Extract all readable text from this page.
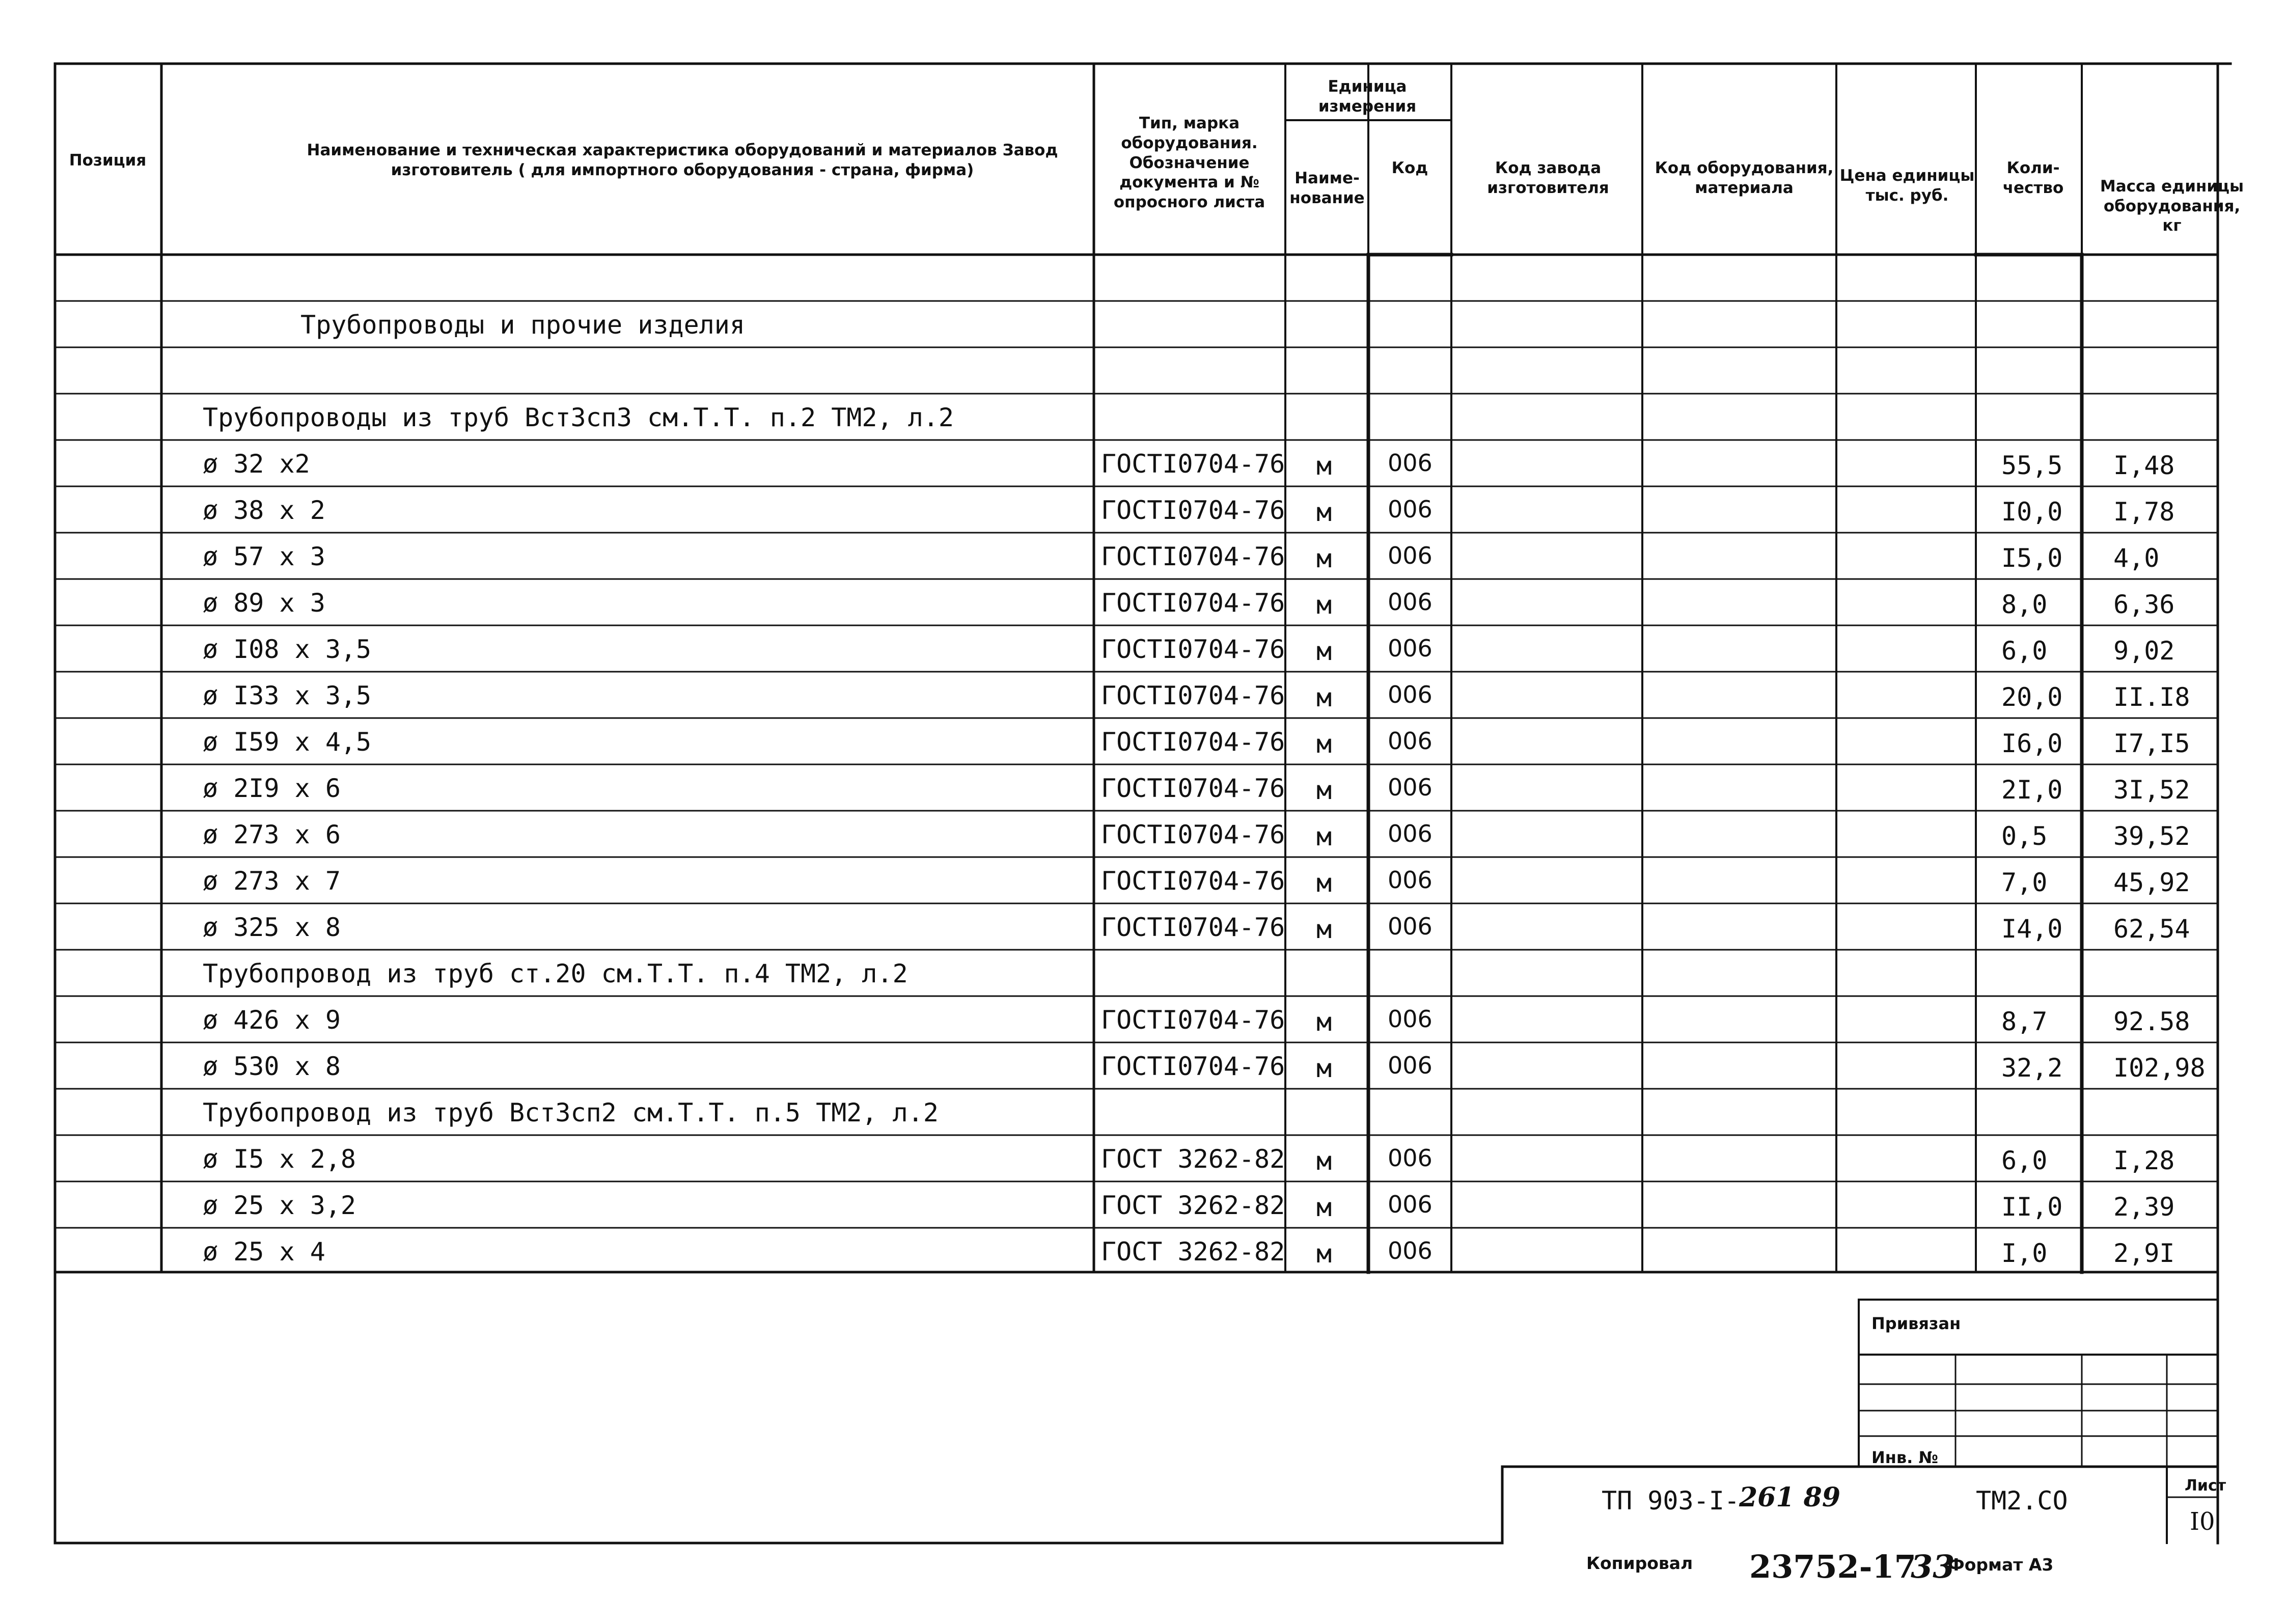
Позиция
Наименование и техническая характеристика оборудований и материалов Завод изготовитель ( для импортного оборудования - страна, фирма)
Тип, марка оборудования. Обозначение документа и № опросного листа
Единица измерения
Наиме- нование
Код	Код завода изготовителя
Код оборудования, материала
Цена единицы тыс. руб.
Коли- чество	Масса единицы оборудования, кг
Трубопроводы и прочие изделия
Трубопроводы из труб ВстЗспЗ см.Т.Т. п.2 ТМ2, л.2
ø 32 х2	ГОСТI0704-76 м 006	55,5 I,48
ø 38 х 2	ГОСТI0704-76 м 006	I0,0 I,78
ø 57 х 3	ГОСТI0704-76 м 006	I5,0 4,0
ø 89 х 3	ГОСТI0704-76 м 006	8,0	6,36
ø I08 х 3,5	ГОСТI0704-76 м 006	6,0	9,02
ø I33 х 3,5	ГОСТI0704-76 м 006	20,0 II.I8
ø I59 х 4,5	ГОСТI0704-76 м 006	I6,0 I7,I5
ø 2I9 х 6	ГОСТI0704-76 м 006	2I,0 3I,52
ø 273 х 6	ГОСТI0704-76 м 006	0,5	39,52
ø 273 х 7	ГОСТI0704-76 м 006	7,0	45,92
ø 325 х 8	ГОСТI0704-76 м 006	I4,0 62,54
Трубопровод из труб ст.20 см.Т.Т. п.4 ТМ2, л.2
ø 426 х 9	ГОСТI0704-76 м 006	8,7	92.58
ø 530 х 8	ГОСТI0704-76 м 006	32,2 I02,98
Трубопровод из труб ВстЗсп2 см.Т.Т. п.5 ТМ2, л.2
ø I5 х 2,8	ГОСТ 3262-82 м 006	6,0	I,28
ø 25 х 3,2	ГОСТ 3262-82 м 006	II,0 2,39
ø 25 х 4	ГОСТ 3262-82 м 006	I,0	2,9I
Привязан
Инв. №
Лист
I0
ТП 903-I- 261 89	ТМ2.СО
Копировал 23752-17
33
Формат А3
